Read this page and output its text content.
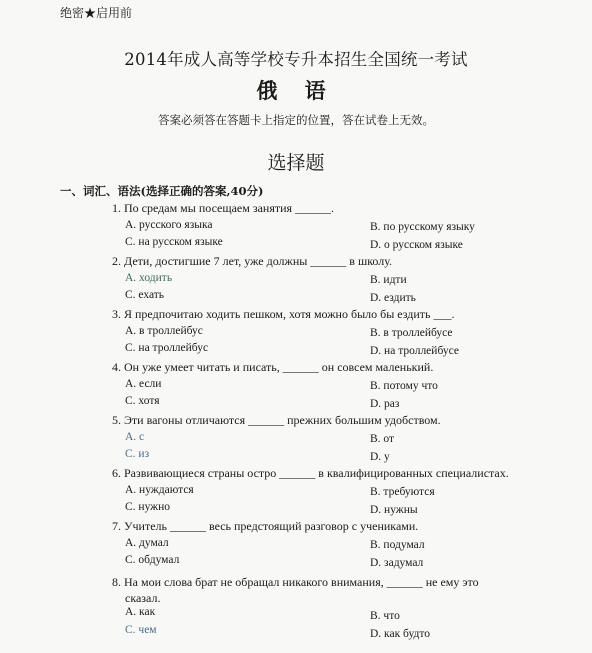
绝密★启用前
2014年成人高等学校专升本招生全国统一考试
俄 语
答案必须答在答题卡上指定的位置，答在试卷上无效。
选择题
一、词汇、语法(选择正确的答案,40分)
1. По средам мы посещаем занятия ______.
А. русского языка	В. по русскому языку
С. на русском языке	D. о русском языке
2. Дети, достигшие 7 лет, уже должны ______ в школу.
А. ходить	В. идти
С. ехать	D. ездить
3. Я предпочитаю ходить пешком, хотя можно было бы ездить ___.
А. в троллейбус	В. в троллейбусе
С. на троллейбус	D. на троллейбусе
4. Он уже умеет читать и писать, ______ он совсем маленький.
А. если	В. потому что
С. хотя	D. раз
5. Эти вагоны отличаются ______ прежних большим удобством.
А. с	В. от
С. из	D. у
6. Развивающиеся страны остро ______ в квалифицированных специалистах.
А. нуждаются	В. требуются
С. нужно	D. нужны
7. Учитель ______ весь предстоящий разговор с учениками.
А. думал	В. подумал
С. обдумал	D. задумал
8. На мои слова брат не обращал никакого внимания, ______ не ему это
сказал.
А. как	В. что
С. чем	D. как будто
